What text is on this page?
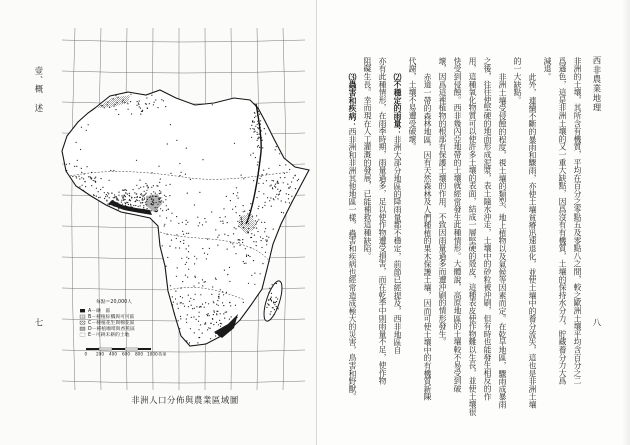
壹、概　述
七
每點＝20,000人
A－礦　區
B－種植棕櫚與可可區
C－種植花生與棉花區
D－種植咖啡與香蕉區
E－可耕未耕的土地
0 200 400 600 800 1000 英里
非洲人口分佈與農業區域圖
西非農業地理
八
非洲的土壤，其所含有機質，平均在百分之零點五及零點八之間，較之歐洲土壤平均含百分之二
爲遜色，這是非洲土壤的又一重大缺點，因爲沒有有機質，土壤的保持水分力，貯藏養分力大爲
減退。
此外，連續不斷的暴雨和驟雨，亦使土壤貧瘠迅速退化，並使土壤中的養分流失，這也是非洲土壤
的一大缺點。
非洲土壤受侵蝕的程度，視土壤的類型、地上植物以及氣候等因素而定。在乾旱地區，驟雨成暴雨
之後，往往使堅硬的地面形成泥漿，表土隨水沖走，土壤中的砂粒被沖刷，但有時也能發生相反的作
用，這種氧化物質可以使許多土壤的表面，結成一層堅硬的殼皮，這種表皮使作物難以生長，並使土壤很
快受到侵蝕。西非幾內亞地帶的土壤就經常發生此種情形。大體說，高原地區的土壤較不易受到破
壞，因爲這裡植物的根部有保護土壤的作用，不致因雨量過多而遭沖刷的情形發生。
赤道一帶的森林地區，因有天然森林及人們種植的果木保護土壤，因而可使土壤中的有機質新陳
代謝，土壤不易遭受破壞。
⑵不穩定的雨量：非洲大部分地區的降雨量都不穩定，前節已經提及，西非地區自
亦有此種情形，在雨季時期，雨量過多，足以使作物遭受損害，而在乾季中則雨量不足，使作物
阻礙生長。幸而現在人工灌溉的發展，已能補救這種缺陷。
⑶蟲害和疾病：西非洲和非洲其他地區一樣，蟲害和疾病也經常造成極大的災害，鳥害和野獸。
